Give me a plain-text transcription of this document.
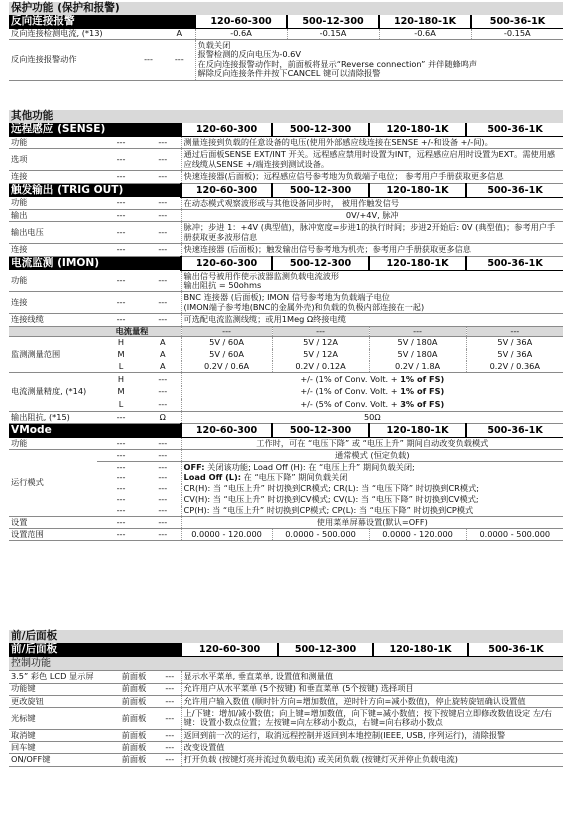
保护功能 (保护和报警)
反向连接报警			120-60-300	500-12-300	120-180-1K	500-36-1K
反向连接检测电流, (*13)		A	-0.6A	-0.15A	-0.6A	-0.15A
反向连接报警动作	---	---	负载关闭
报警检测的反向电压为-0.6V
在反向连接报警动作时，前面板将显示“Reverse connection” 并伴随蜂鸣声
解除反向连接条件并按下CANCEL 键可以清除报警			
其他功能
远程感应 (SENSE)				120-60-300	500-12-300	120-180-1K	500-36-1K
功能	---	---		测量连接到负载的任意设备的电压(使用外部感应线连接在SENSE +/-和设备 +/-间)。			
选项	---	---		通过后面板SENSE EXT/INT 开关。远程感应禁用时设置为INT，远程感应启用时设置为EXT。需使用感应线缆从SENSE +/端连接到测试设备。			
连接	---	---		快速连接器(后面板)；远程感应信号参考地为负载端子电位； 参考用户手册获取更多信息			
触发输出 (TRIG OUT)				120-60-300	500-12-300	120-180-1K	500-36-1K
功能	---	---		在动态模式观察波形或与其他设备同步时， 被用作触发信号			
输出	---	---		0V/+4V, 脉冲			
输出电压	---	---		脉冲；步进 1：+4V (典型值)，脉冲宽度=步进1的执行时间；步进2开始后: 0V (典型值)；参考用户手册获取更多波形信息			
连接	---	---		快速连接器 (后面板)；触发输出信号参考地为机壳；参考用户手册获取更多信息			
电流监测 (IMON)				120-60-300	500-12-300	120-180-1K	500-36-1K
功能	---	---		输出信号被用作使示波器监测负载电流波形
输出阻抗 = 50ohms			

连接	---	---		BNC 连接器 (后面板); IMON 信号参考地为负载端子电位
(IMON端子参考地(BNC的金属外壳)和负载的负极内部连接在一起)			

连接线缆	---	---		可选配电流监测线缆；或用1Meg Ω终接电缆			
	电流量程			---	---	---	---
监测测量范围	H	A		5V / 60A	5V / 12A	5V / 180A	5V / 36A
	M	A		5V / 60A	5V / 12A	5V / 180A	5V / 36A
	L	A		0.2V / 0.6A	0.2V / 0.12A	0.2V / 1.8A	0.2V / 0.36A
电流测量精度, (*14)	H	---		+/- (1% of Conv. Volt. + 1% of FS)			
	M	---		+/- (1% of Conv. Volt. + 1% of FS)			
	L	---		+/- (5% of Conv. Volt. + 3% of FS)			
输出阻抗, (*15)	---	Ω		50Ω			
VMode				120-60-300	500-12-300	120-180-1K	500-36-1K
功能	---	---		工作时，可在 “电压下降” 或 “电压上升” 期间自动改变负载模式			
运行模式	---	---		通常模式 (恒定负载)			
	---	---		OFF: 关闭该功能; Load Off (H): 在 “电压上升” 期间负载关闭;			
	---	---		Load Off (L): 在 “电压下降” 期间负载关闭			
	---	---		CR(H): 当 “电压上升” 时切换到CR模式; CR(L): 当 “电压下降” 时切换到CR模式;			
	---	---		CV(H): 当 “电压上升” 时切换到CV模式; CV(L): 当 “电压下降” 时切换到CV模式;			
	---	---		CP(H): 当 “电压上升” 时切换到CP模式; CP(L): 当 “电压下降” 时切换到CP模式			
设置	---	---		使用菜单屏幕设置(默认=OFF)			
设置范围	---	---		0.0000 - 120.000	0.0000 - 500.000	0.0000 - 120.000	0.0000 - 500.000
前/后面板
前/后面板	120-60-300	500-12-300	120-180-1K	500-36-1K
控制功能
3.5” 彩色 LCD 显示屏	前面板	---	显示水平菜单, 垂直菜单, 设置值和测量值
功能键	前面板	---	允许用户从水平菜单 (5个按键) 和垂直菜单 (5个按键) 选择项目
更改旋钮	前面板	---	允许用户输入数值 (顺时针方向=增加数值，逆时针方向=减小数值)，停止旋转旋钮确认设置值
光标键	前面板	---	上/下键：增加/减小数值；向上键=增加数值，向下键=减小数值；按下按键启立即修改数值设定 左/右键：设置小数点位置；左按键=向左移动小数点，右键=向右移动小数点
取消键	前面板	---	返回到前一次的运行，取消远程控制并返回到本地控制(IEEE, USB, 序列运行)，清除报警
回车键	前面板	---	改变设置值
ON/OFF键	前面板	---	打开负载 (按键灯亮并流过负载电流) 或关闭负载 (按键灯灭并停止负载电流)
